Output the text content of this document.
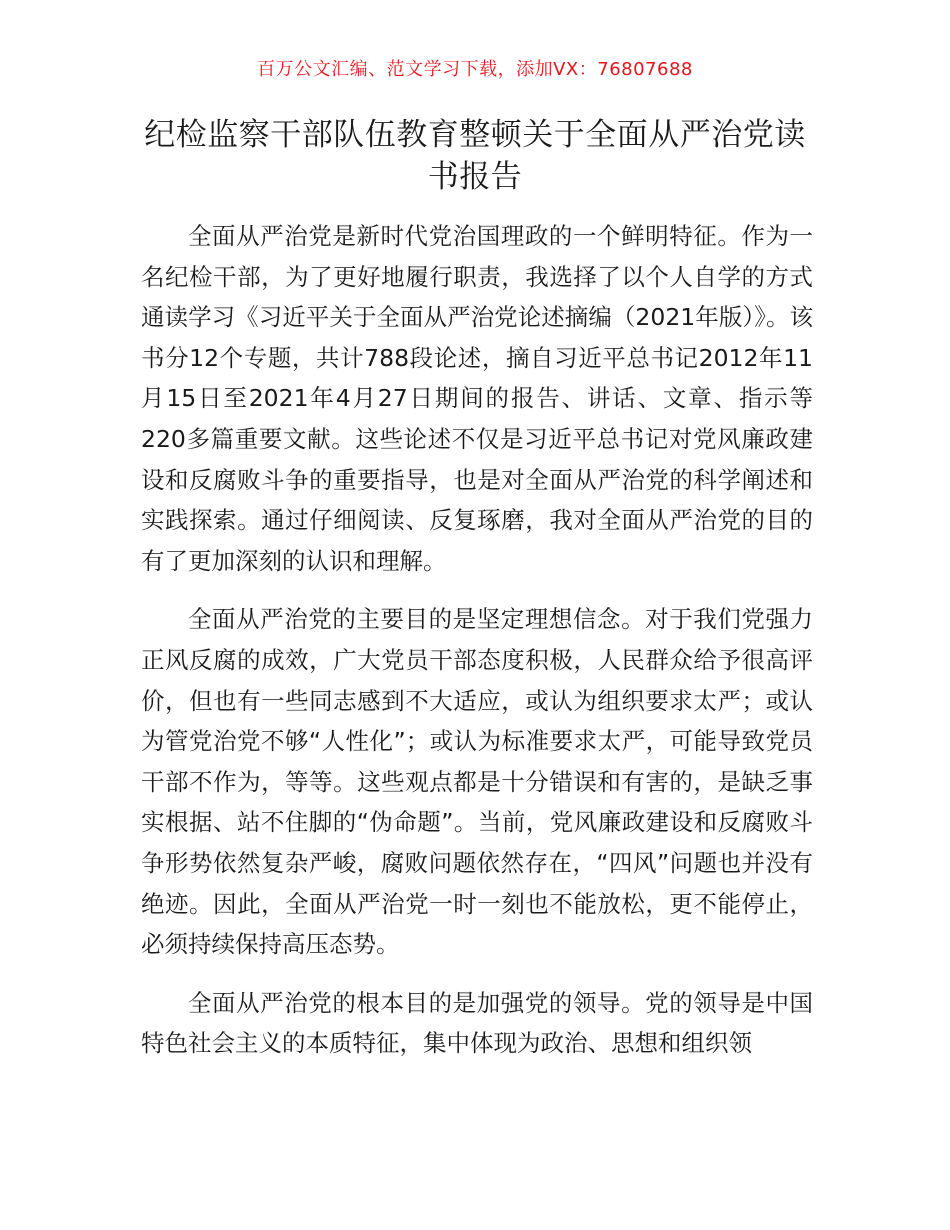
百万公文汇编、范文学习下载，添加VX：76807688
纪检监察干部队伍教育整顿关于全面从严治党读书报告

全面从严治党是新时代党治国理政的一个鲜明特征。作为一名纪检干部，为了更好地履行职责，我选择了以个人自学的方式通读学习《习近平关于全面从严治党论述摘编（2021年版）》。该书分12个专题，共计788段论述，摘自习近平总书记2012年11月15日至2021年4月27日期间的报告、讲话、文章、指示等220多篇重要文献。这些论述不仅是习近平总书记对党风廉政建设和反腐败斗争的重要指导，也是对全面从严治党的科学阐述和实践探索。通过仔细阅读、反复琢磨，我对全面从严治党的目的有了更加深刻的认识和理解。

全面从严治党的主要目的是坚定理想信念。对于我们党强力正风反腐的成效，广大党员干部态度积极，人民群众给予很高评价，但也有一些同志感到不大适应，或认为组织要求太严；或认为管党治党不够“人性化”；或认为标准要求太严，可能导致党员干部不作为，等等。这些观点都是十分错误和有害的，是缺乏事实根据、站不住脚的“伪命题”。当前，党风廉政建设和反腐败斗争形势依然复杂严峻，腐败问题依然存在，“四风”问题也并没有绝迹。因此，全面从严治党一时一刻也不能放松，更不能停止，必须持续保持高压态势。

全面从严治党的根本目的是加强党的领导。党的领导是中国特色社会主义的本质特征，集中体现为政治、思想和组织领
